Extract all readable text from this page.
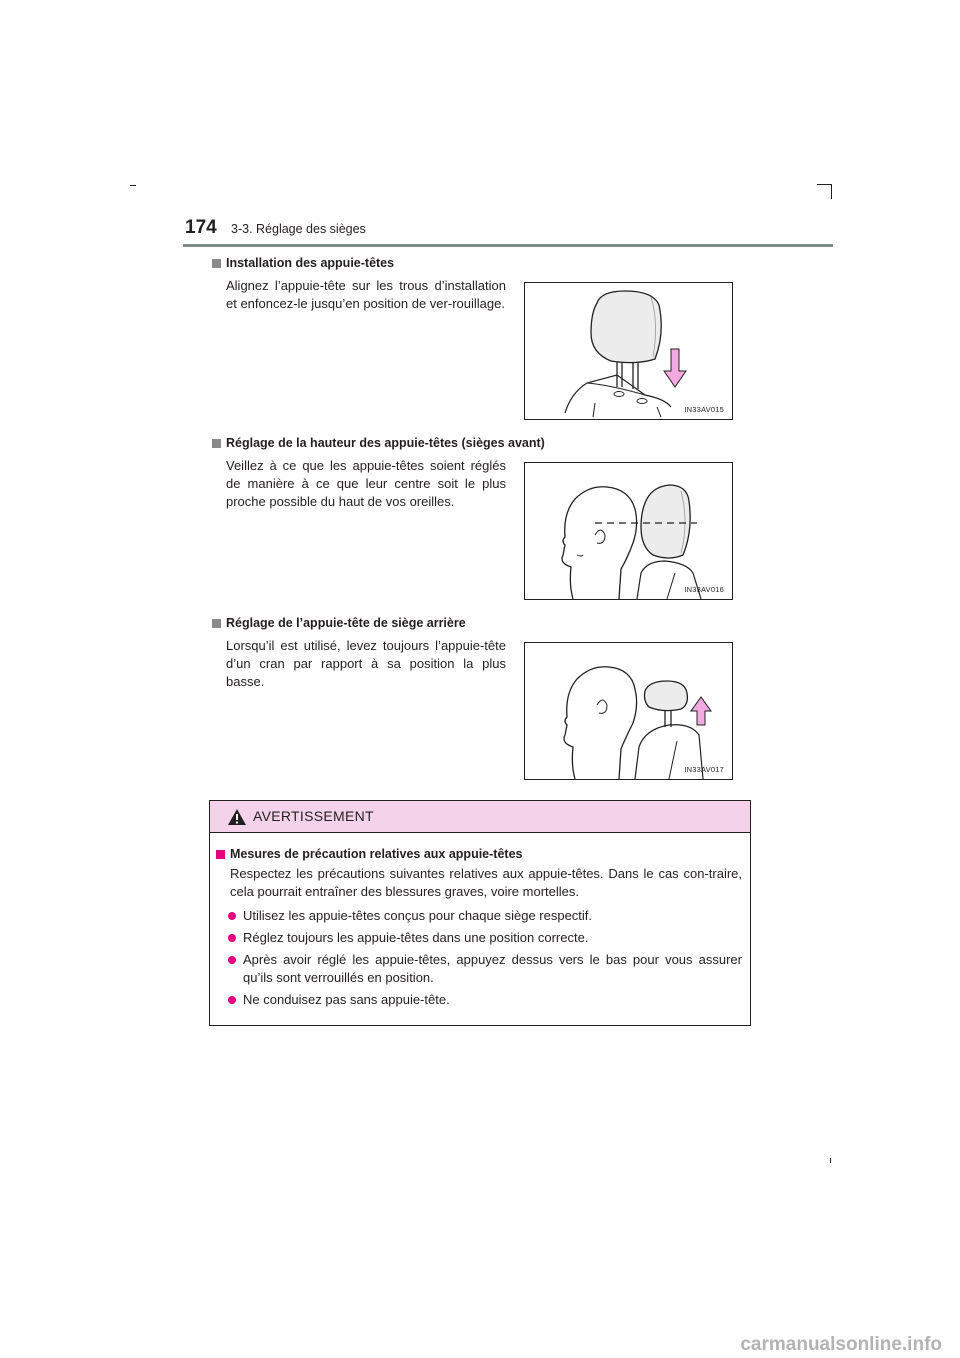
174 3-3. Réglage des sièges
Installation des appuie-têtes
Alignez l’appuie-tête sur les trous d’installation et enfoncez-le jusqu’en position de ver-rouillage.
IN33AV015
Réglage de la hauteur des appuie-têtes (sièges avant)
Veillez à ce que les appuie-têtes soient réglés de manière à ce que leur centre soit le plus proche possible du haut de vos oreilles.
IN33AV016
Réglage de l’appuie-tête de siège arrière
Lorsqu’il est utilisé, levez toujours l’appuie-tête d’un cran par rapport à sa position la plus basse.
IN33AV017
AVERTISSEMENT
Mesures de précaution relatives aux appuie-têtes
Respectez les précautions suivantes relatives aux appuie-têtes. Dans le cas con-traire, cela pourrait entraîner des blessures graves, voire mortelles.
Utilisez les appuie-têtes conçus pour chaque siège respectif.
Réglez toujours les appuie-têtes dans une position correcte.
Après avoir réglé les appuie-têtes, appuyez dessus vers le bas pour vous assurer qu’ils sont verrouillés en position.
Ne conduisez pas sans appuie-tête.
carmanualsonline.info
